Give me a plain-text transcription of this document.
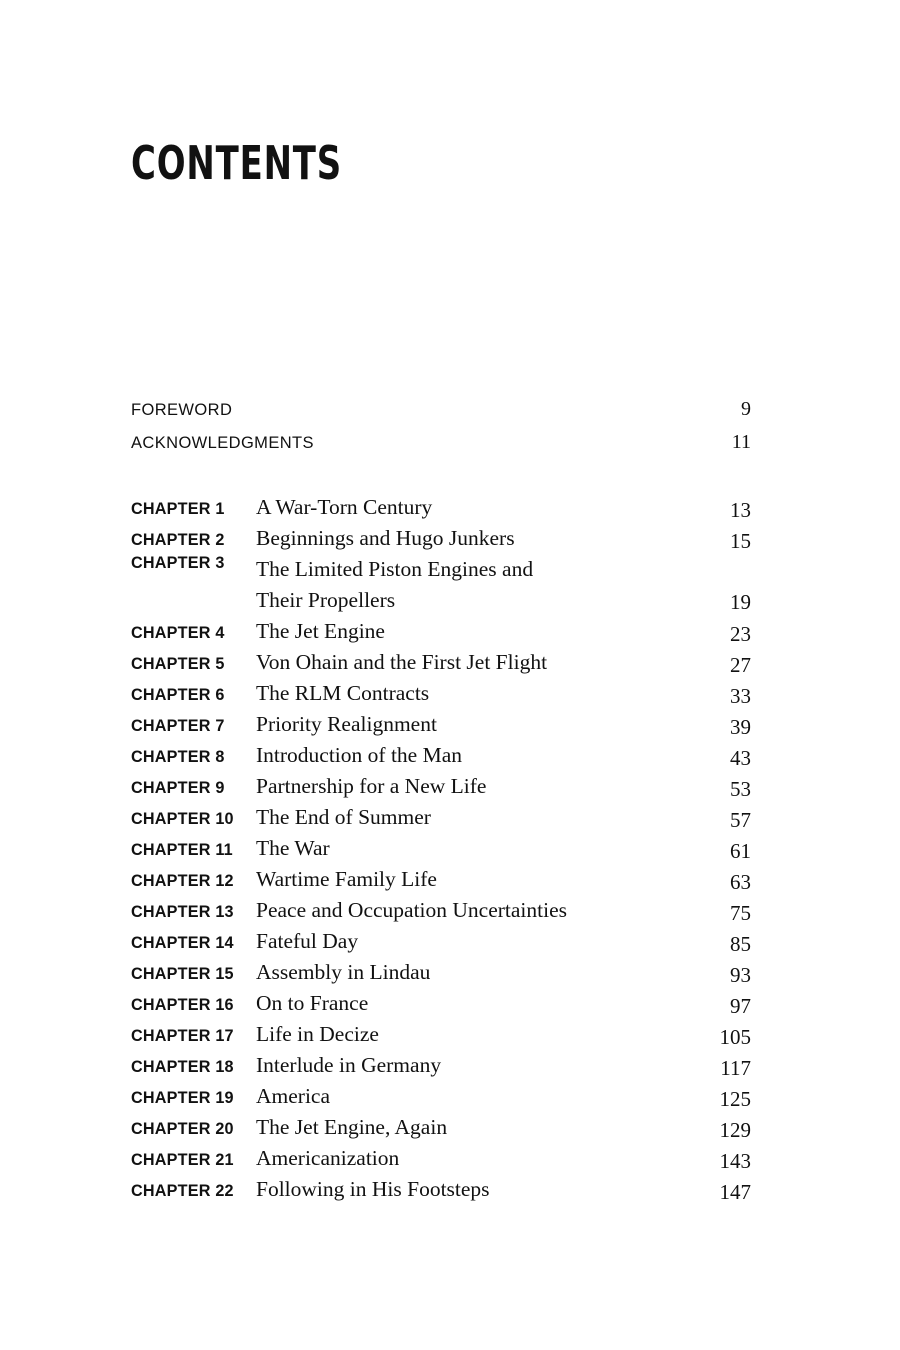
CONTENTS
FOREWORD	9
ACKNOWLEDGMENTS	11
CHAPTER 1	A War-Torn Century	13
CHAPTER 2	Beginnings and Hugo Junkers	15
CHAPTER 3	The Limited Piston Engines and
Their Propellers	19
CHAPTER 4	The Jet Engine	23
CHAPTER 5	Von Ohain and the First Jet Flight	27
CHAPTER 6	The RLM Contracts	33
CHAPTER 7	Priority Realignment	39
CHAPTER 8	Introduction of the Man	43
CHAPTER 9	Partnership for a New Life	53
CHAPTER 10	The End of Summer	57
CHAPTER 11	The War	61
CHAPTER 12	Wartime Family Life	63
CHAPTER 13	Peace and Occupation Uncertainties	75
CHAPTER 14	Fateful Day	85
CHAPTER 15	Assembly in Lindau	93
CHAPTER 16	On to France	97
CHAPTER 17	Life in Decize	105
CHAPTER 18	Interlude in Germany	117
CHAPTER 19	America	125
CHAPTER 20	The Jet Engine, Again	129
CHAPTER 21	Americanization	143
CHAPTER 22	Following in His Footsteps	147
